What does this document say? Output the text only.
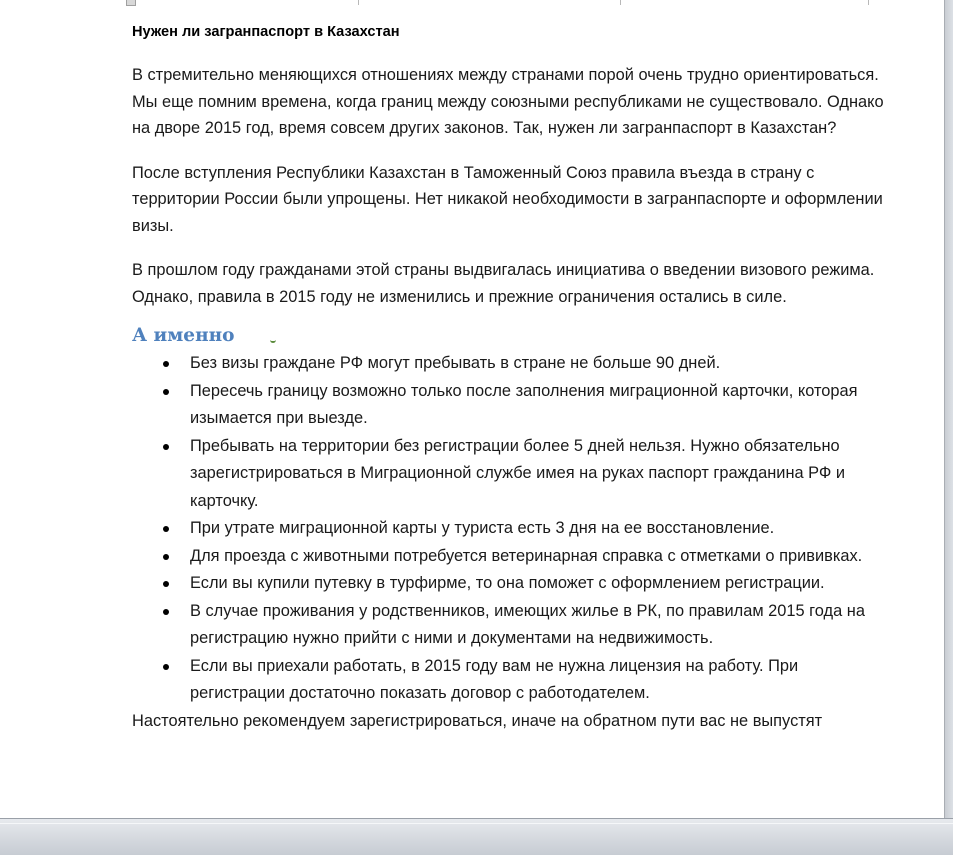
Нужен ли загранпаспорт в Казахстан

В стремительно меняющихся отношениях между странами порой очень трудно ориентироваться. Мы еще помним времена, когда границ между союзными республиками не существовало. Однако на дворе 2015 год, время совсем других законов. Так, нужен ли загранпаспорт в Казахстан?

После вступления Республики Казахстан в Таможенный Союз правила въезда в страну с территории России были упрощены. Нет никакой необходимости в загранпаспорте и оформлении визы.

В прошлом году гражданами этой страны выдвигалась инициатива о введении визового режима. Однако, правила в 2015 году не изменились и прежние ограничения остались в силе.

А именно
Без визы граждане РФ могут пребывать в стране не больше 90 дней.
Пересечь границу возможно только после заполнения миграционной карточки, которая изымается при выезде.
Пребывать на территории без регистрации более 5 дней нельзя. Нужно обязательно зарегистрироваться в Миграционной службе имея на руках паспорт гражданина РФ и карточку.
При утрате миграционной карты у туриста есть 3 дня на ее восстановление.
Для проезда с животными потребуется ветеринарная справка с отметками о прививках.
Если вы купили путевку в турфирме, то она поможет с оформлением регистрации.
В случае проживания у родственников, имеющих жилье в РК, по правилам 2015 года на регистрацию нужно прийти с ними и документами на недвижимость.
Если вы приехали работать, в 2015 году вам не нужна лицензия на работу. При регистрации достаточно показать договор с работодателем.

Настоятельно рекомендуем зарегистрироваться, иначе на обратном пути вас не выпустят
